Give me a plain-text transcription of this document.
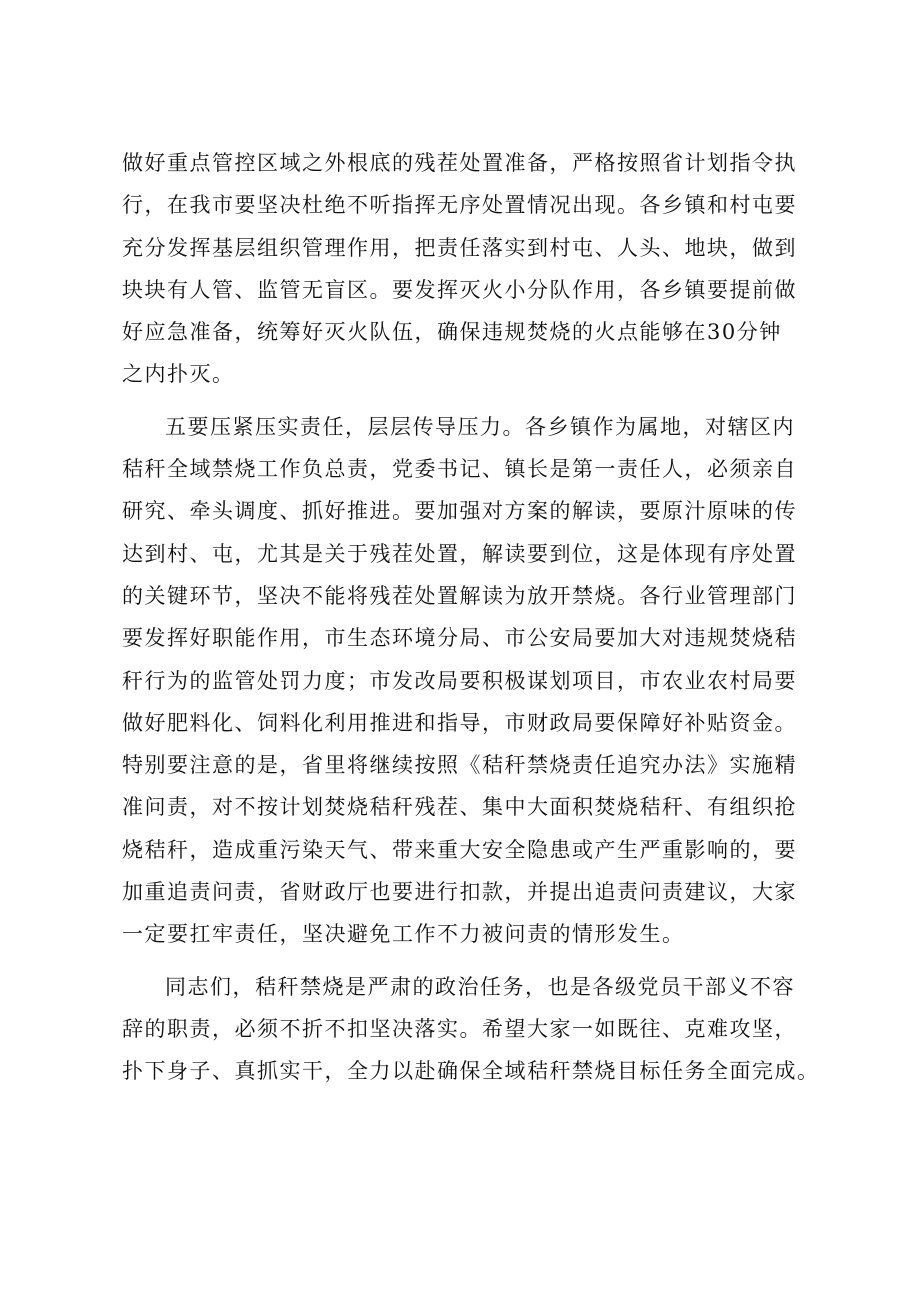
做好重点管控区域之外根底的残茬处置准备，严格按照省计划指令执
行，在我市要坚决杜绝不听指挥无序处置情况出现。各乡镇和村屯要
充分发挥基层组织管理作用，把责任落实到村屯、人头、地块，做到
块块有人管、监管无盲区。要发挥灭火小分队作用，各乡镇要提前做
好应急准备，统筹好灭火队伍，确保违规焚烧的火点能够在30分钟
之内扑灭。
五要压紧压实责任，层层传导压力。各乡镇作为属地，对辖区内
秸秆全域禁烧工作负总责，党委书记、镇长是第一责任人，必须亲自
研究、牵头调度、抓好推进。要加强对方案的解读，要原汁原味的传
达到村、屯，尤其是关于残茬处置，解读要到位，这是体现有序处置
的关键环节，坚决不能将残茬处置解读为放开禁烧。各行业管理部门
要发挥好职能作用，市生态环境分局、市公安局要加大对违规焚烧秸
秆行为的监管处罚力度；市发改局要积极谋划项目，市农业农村局要
做好肥料化、饲料化利用推进和指导，市财政局要保障好补贴资金。
特别要注意的是，省里将继续按照《秸秆禁烧责任追究办法》实施精
准问责，对不按计划焚烧秸秆残茬、集中大面积焚烧秸秆、有组织抢
烧秸秆，造成重污染天气、带来重大安全隐患或产生严重影响的，要
加重追责问责，省财政厅也要进行扣款，并提出追责问责建议，大家
一定要扛牢责任，坚决避免工作不力被问责的情形发生。
同志们，秸秆禁烧是严肃的政治任务，也是各级党员干部义不容
辞的职责，必须不折不扣坚决落实。希望大家一如既往、克难攻坚，
扑下身子、真抓实干，全力以赴确保全域秸秆禁烧目标任务全面完成。
